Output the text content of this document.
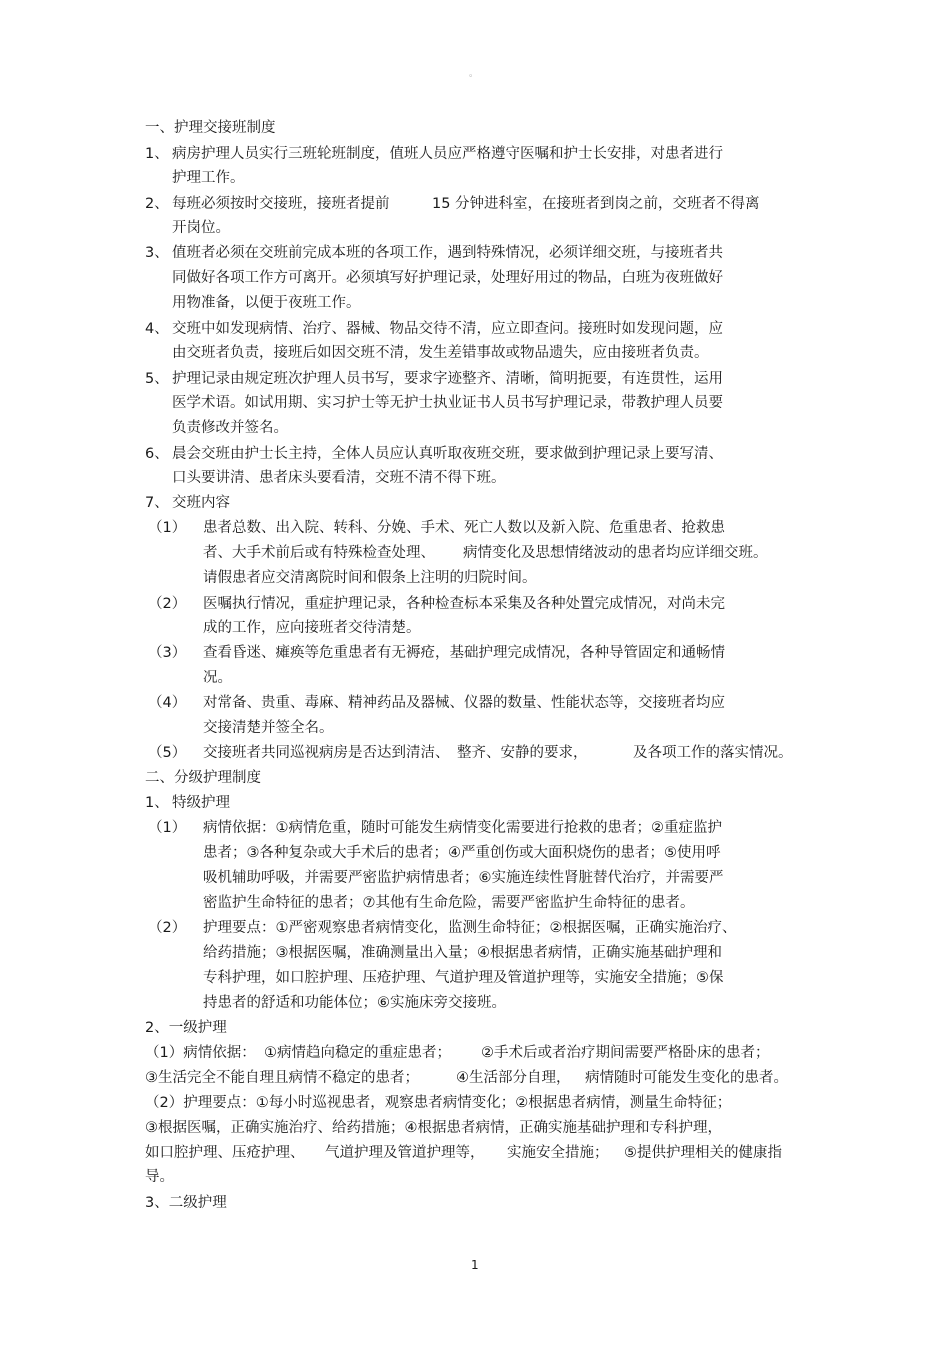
。
一、护理交接班制度
1、 病房护理人员实行三班轮班制度，值班人员应严格遵守医嘱和护士长安排，对患者进行
护理工作。
2、 每班必须按时交接班，接班者提前	15 分钟进科室，在接班者到岗之前，交班者不得离
开岗位。
3、 值班者必须在交班前完成本班的各项工作，遇到特殊情况，必须详细交班，与接班者共
同做好各项工作方可离开。必须填写好护理记录，处理好用过的物品，白班为夜班做好
用物准备，以便于夜班工作。
4、 交班中如发现病情、治疗、器械、物品交待不清，应立即查问。接班时如发现问题，应
由交班者负责，接班后如因交班不清，发生差错事故或物品遗失，应由接班者负责。
5、 护理记录由规定班次护理人员书写，要求字迹整齐、清晰，简明扼要，有连贯性，运用
医学术语。如试用期、实习护士等无护士执业证书人员书写护理记录，带教护理人员要
负责修改并签名。
6、 晨会交班由护士长主持，全体人员应认真听取夜班交班，要求做到护理记录上要写清、
口头要讲清、患者床头要看清，交班不清不得下班。
7、 交班内容
（1） 患者总数、出入院、转科、分娩、手术、死亡人数以及新入院、危重患者、抢救患
者、大手术前后或有特殊检查处理、 病情变化及思想情绪波动的患者均应详细交班。
请假患者应交清离院时间和假条上注明的归院时间。
（2） 医嘱执行情况，重症护理记录，各种检查标本采集及各种处置完成情况，对尚未完
成的工作，应向接班者交待清楚。
（3） 查看昏迷、瘫痪等危重患者有无褥疮，基础护理完成情况，各种导管固定和通畅情
况。
（4） 对常备、贵重、毒麻、精神药品及器械、仪器的数量、性能状态等，交接班者均应
交接清楚并签全名。
（5） 交接班者共同巡视病房是否达到清洁、 整齐、安静的要求，	及各项工作的落实情况。
二、分级护理制度
1、 特级护理
（1） 病情依据：①病情危重，随时可能发生病情变化需要进行抢救的患者；②重症监护
患者；③各种复杂或大手术后的患者；④严重创伤或大面积烧伤的患者；⑤使用呼
吸机辅助呼吸，并需要严密监护病情患者；⑥实施连续性肾脏替代治疗，并需要严
密监护生命特征的患者；⑦其他有生命危险，需要严密监护生命特征的患者。
（2） 护理要点：①严密观察患者病情变化，监测生命特征；②根据医嘱，正确实施治疗、
给药措施；③根据医嘱，准确测量出入量；④根据患者病情，正确实施基础护理和
专科护理，如口腔护理、压疮护理、气道护理及管道护理等，实施安全措施；⑤保
持患者的舒适和功能体位；⑥实施床旁交接班。
2、一级护理
（1）病情依据： ①病情趋向稳定的重症患者； ②手术后或者治疗期间需要严格卧床的患者；
③生活完全不能自理且病情不稳定的患者；	④生活部分自理， 病情随时可能发生变化的患者。
（2）护理要点：①每小时巡视患者，观察患者病情变化；②根据患者病情，测量生命特征；
③根据医嘱，正确实施治疗、给药措施；④根据患者病情，正确实施基础护理和专科护理，
如口腔护理、压疮护理、 气道护理及管道护理等， 实施安全措施； ⑤提供护理相关的健康指
导。
3、二级护理
1
